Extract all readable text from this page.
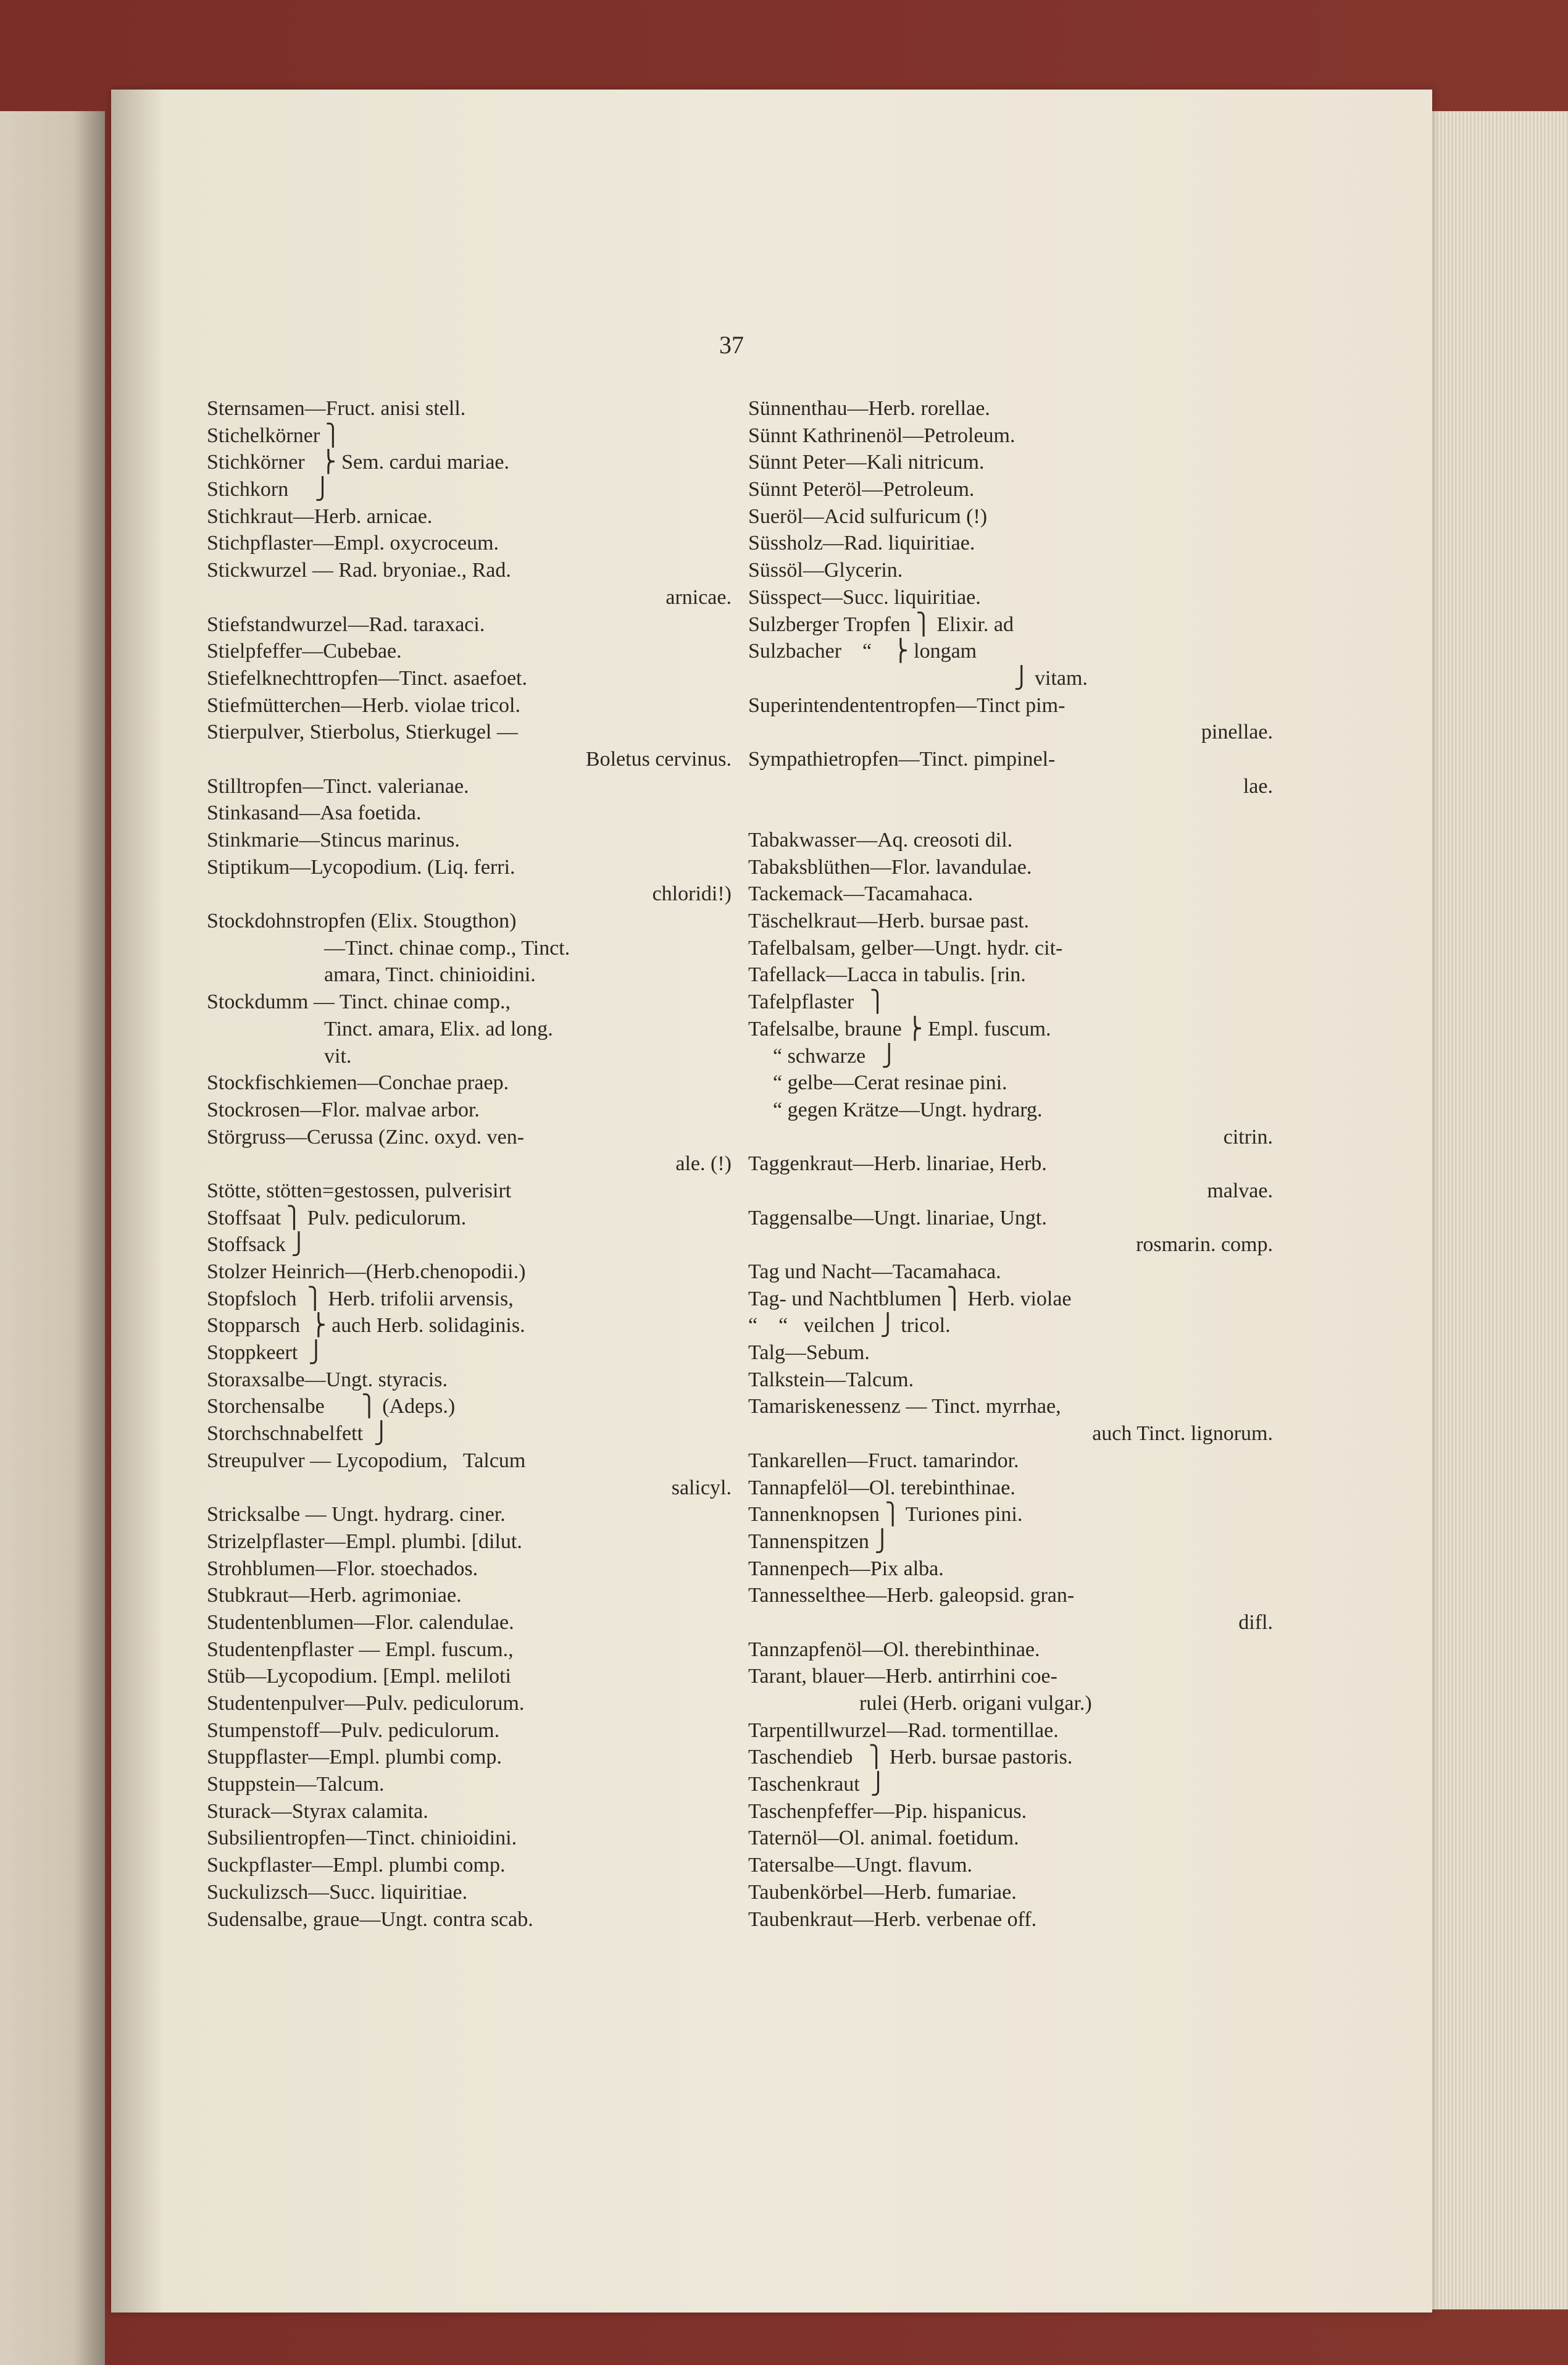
37
Sternsamen—Fruct. anisi stell.
Stichelkörner ⎫
Stichkörner   ⎬ Sem. cardui mariae.
Stichkorn     ⎭
Stichkraut—Herb. arnicae.
Stichpflaster—Empl. oxycroceum.
Stickwurzel — Rad. bryoniae., Rad.
arnicae.
Stiefstandwurzel—Rad. taraxaci.
Stielpfeffer—Cubebae.
Stiefelknechttropfen—Tinct. asaefoet.
Stiefmütterchen—Herb. violae tricol.
Stierpulver, Stierbolus, Stierkugel —
Boletus cervinus.
Stilltropfen—Tinct. valerianae.
Stinkasand—Asa foetida.
Stinkmarie—Stincus marinus.
Stiptikum—Lycopodium. (Liq. ferri.
chloridi!)
Stockdohnstropfen (Elix. Stougthon)
—Tinct. chinae comp., Tinct.
amara, Tinct. chinioidini.
Stockdumm — Tinct. chinae comp.,
Tinct. amara, Elix. ad long.
vit.
Stockfischkiemen—Conchae praep.
Stockrosen—Flor. malvae arbor.
Störgruss—Cerussa (Zinc. oxyd. ven-
ale. (!)
Stötte, stötten=gestossen, pulverisirt
Stoffsaat ⎫ Pulv. pediculorum.
Stoffsack ⎭
Stolzer Heinrich—(Herb.chenopodii.)
Stopfsloch  ⎫ Herb. trifolii arvensis,
Stopparsch  ⎬ auch Herb. solidaginis.
Stoppkeert  ⎭
Storaxsalbe—Ungt. styracis.
Storchensalbe       ⎫ (Adeps.)
Storchschnabelfett  ⎭
Streupulver — Lycopodium,   Talcum
salicyl.
Stricksalbe — Ungt. hydrarg. ciner.
Strizelpflaster—Empl. plumbi. [dilut.
Strohblumen—Flor. stoechados.
Stubkraut—Herb. agrimoniae.
Studentenblumen—Flor. calendulae.
Studentenpflaster — Empl. fuscum.,
Stüb—Lycopodium. [Empl. meliloti
Studentenpulver—Pulv. pediculorum.
Stumpenstoff—Pulv. pediculorum.
Stuppflaster—Empl. plumbi comp.
Stuppstein—Talcum.
Sturack—Styrax calamita.
Subsilientropfen—Tinct. chinioidini.
Suckpflaster—Empl. plumbi comp.
Suckulizsch—Succ. liquiritiae.
Sudensalbe, graue—Ungt. contra scab.
Sünnenthau—Herb. rorellae.
Sünnt Kathrinenöl—Petroleum.
Sünnt Peter—Kali nitricum.
Sünnt Peteröl—Petroleum.
Sueröl—Acid sulfuricum (!)
Süssholz—Rad. liquiritiae.
Süssöl—Glycerin.
Süsspect—Succ. liquiritiae.
Sulzberger Tropfen ⎫ Elixir. ad
Sulzbacher    “    ⎬ longam
⎭ vitam.
Superintendententropfen—Tinct pim-
pinellae.
Sympathietropfen—Tinct. pimpinel-
lae.
Tabakwasser—Aq. creosoti dil.
Tabaksblüthen—Flor. lavandulae.
Tackemack—Tacamahaca.
Täschelkraut—Herb. bursae past.
Tafelbalsam, gelber—Ungt. hydr. cit-
Tafellack—Lacca in tabulis. [rin.
Tafelpflaster   ⎫
Tafelsalbe, braune ⎬ Empl. fuscum.
“ schwarze   ⎭
“ gelbe—Cerat resinae pini.
“ gegen Krätze—Ungt. hydrarg.
citrin.
Taggenkraut—Herb. linariae, Herb.
malvae.
Taggensalbe—Ungt. linariae, Ungt.
rosmarin. comp.
Tag und Nacht—Tacamahaca.
Tag- und Nachtblumen ⎫ Herb. violae
“    “   veilchen ⎭ tricol.
Talg—Sebum.
Talkstein—Talcum.
Tamariskenessenz — Tinct. myrrhae,
auch Tinct. lignorum.
Tankarellen—Fruct. tamarindor.
Tannapfelöl—Ol. terebinthinae.
Tannenknopsen ⎫ Turiones pini.
Tannenspitzen ⎭
Tannenpech—Pix alba.
Tannesselthee—Herb. galeopsid. gran-
difl.
Tannzapfenöl—Ol. therebinthinae.
Tarant, blauer—Herb. antirrhini coe-
rulei (Herb. origani vulgar.)
Tarpentillwurzel—Rad. tormentillae.
Taschendieb   ⎫ Herb. bursae pastoris.
Taschenkraut  ⎭
Taschenpfeffer—Pip. hispanicus.
Taternöl—Ol. animal. foetidum.
Tatersalbe—Ungt. flavum.
Taubenkörbel—Herb. fumariae.
Taubenkraut—Herb. verbenae off.
